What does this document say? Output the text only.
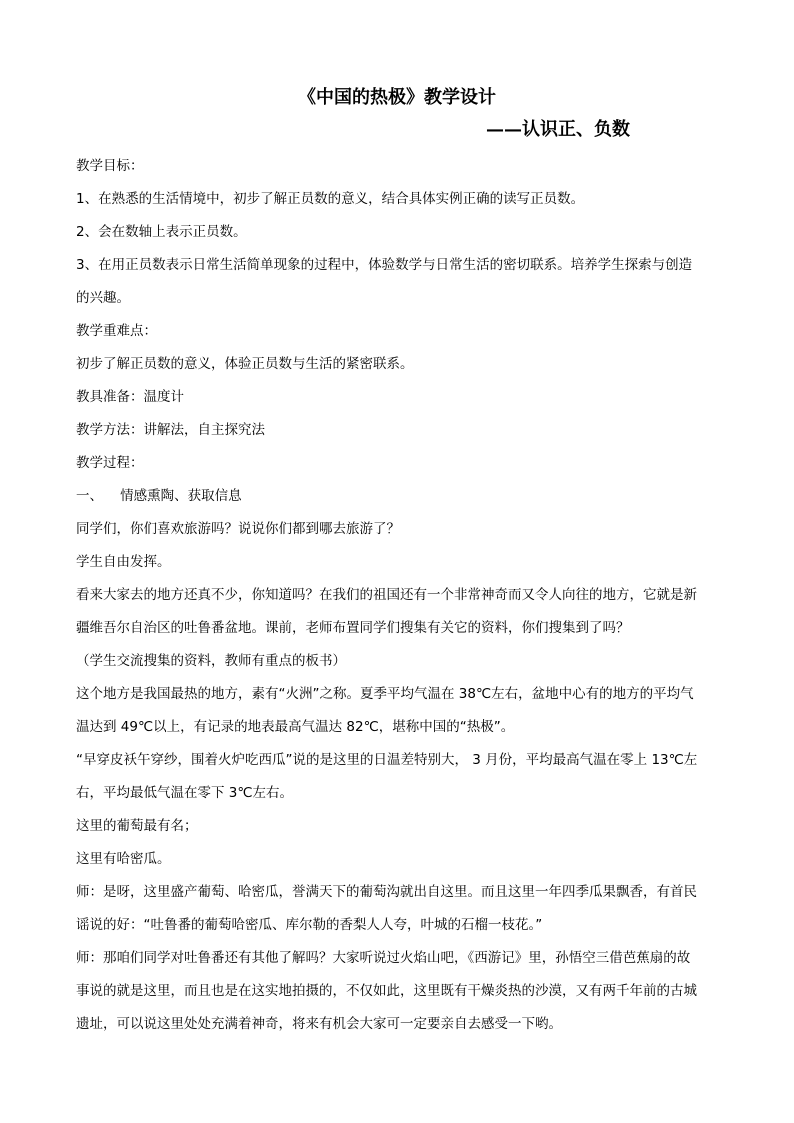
《中国的热极》教学设计
——认识正、负数
教学目标：
1、在熟悉的生活情境中，初步了解正员数的意义，结合具体实例正确的读写正员数。
2、会在数轴上表示正员数。
3、在用正员数表示日常生活简单现象的过程中，体验数学与日常生活的密切联系。培养学生探索与创造
的兴趣。
教学重难点：
初步了解正员数的意义，体验正员数与生活的紧密联系。
教具准备：温度计
教学方法：讲解法，自主探究法
教学过程：
一、    情感熏陶、获取信息
同学们，你们喜欢旅游吗？说说你们都到哪去旅游了？
学生自由发挥。
看来大家去的地方还真不少，你知道吗？在我们的祖国还有一个非常神奇而又令人向往的地方，它就是新
疆维吾尔自治区的吐鲁番盆地。课前，老师布置同学们搜集有关它的资料，你们搜集到了吗？
（学生交流搜集的资料，教师有重点的板书）
这个地方是我国最热的地方，素有“火洲”之称。夏季平均气温在 38℃左右，盆地中心有的地方的平均气
温达到 49℃以上，有记录的地表最高气温达 82℃，堪称中国的“热极”。
“早穿皮袄午穿纱，围着火炉吃西瓜”说的是这里的日温差特别大， 3 月份，平均最高气温在零上 13℃左
右，平均最低气温在零下 3℃左右。
这里的葡萄最有名；
这里有哈密瓜。
师：是呀，这里盛产葡萄、哈密瓜，誉满天下的葡萄沟就出自这里。而且这里一年四季瓜果飘香，有首民
谣说的好：“吐鲁番的葡萄哈密瓜、库尔勒的香梨人人夸，叶城的石榴一枝花。”
师：那咱们同学对吐鲁番还有其他了解吗？大家听说过火焰山吧，《西游记》里，孙悟空三借芭蕉扇的故
事说的就是这里，而且也是在这实地拍摄的，不仅如此，这里既有干燥炎热的沙漠，又有两千年前的古城
遗址，可以说这里处处充满着神奇，将来有机会大家可一定要亲自去感受一下哟。
